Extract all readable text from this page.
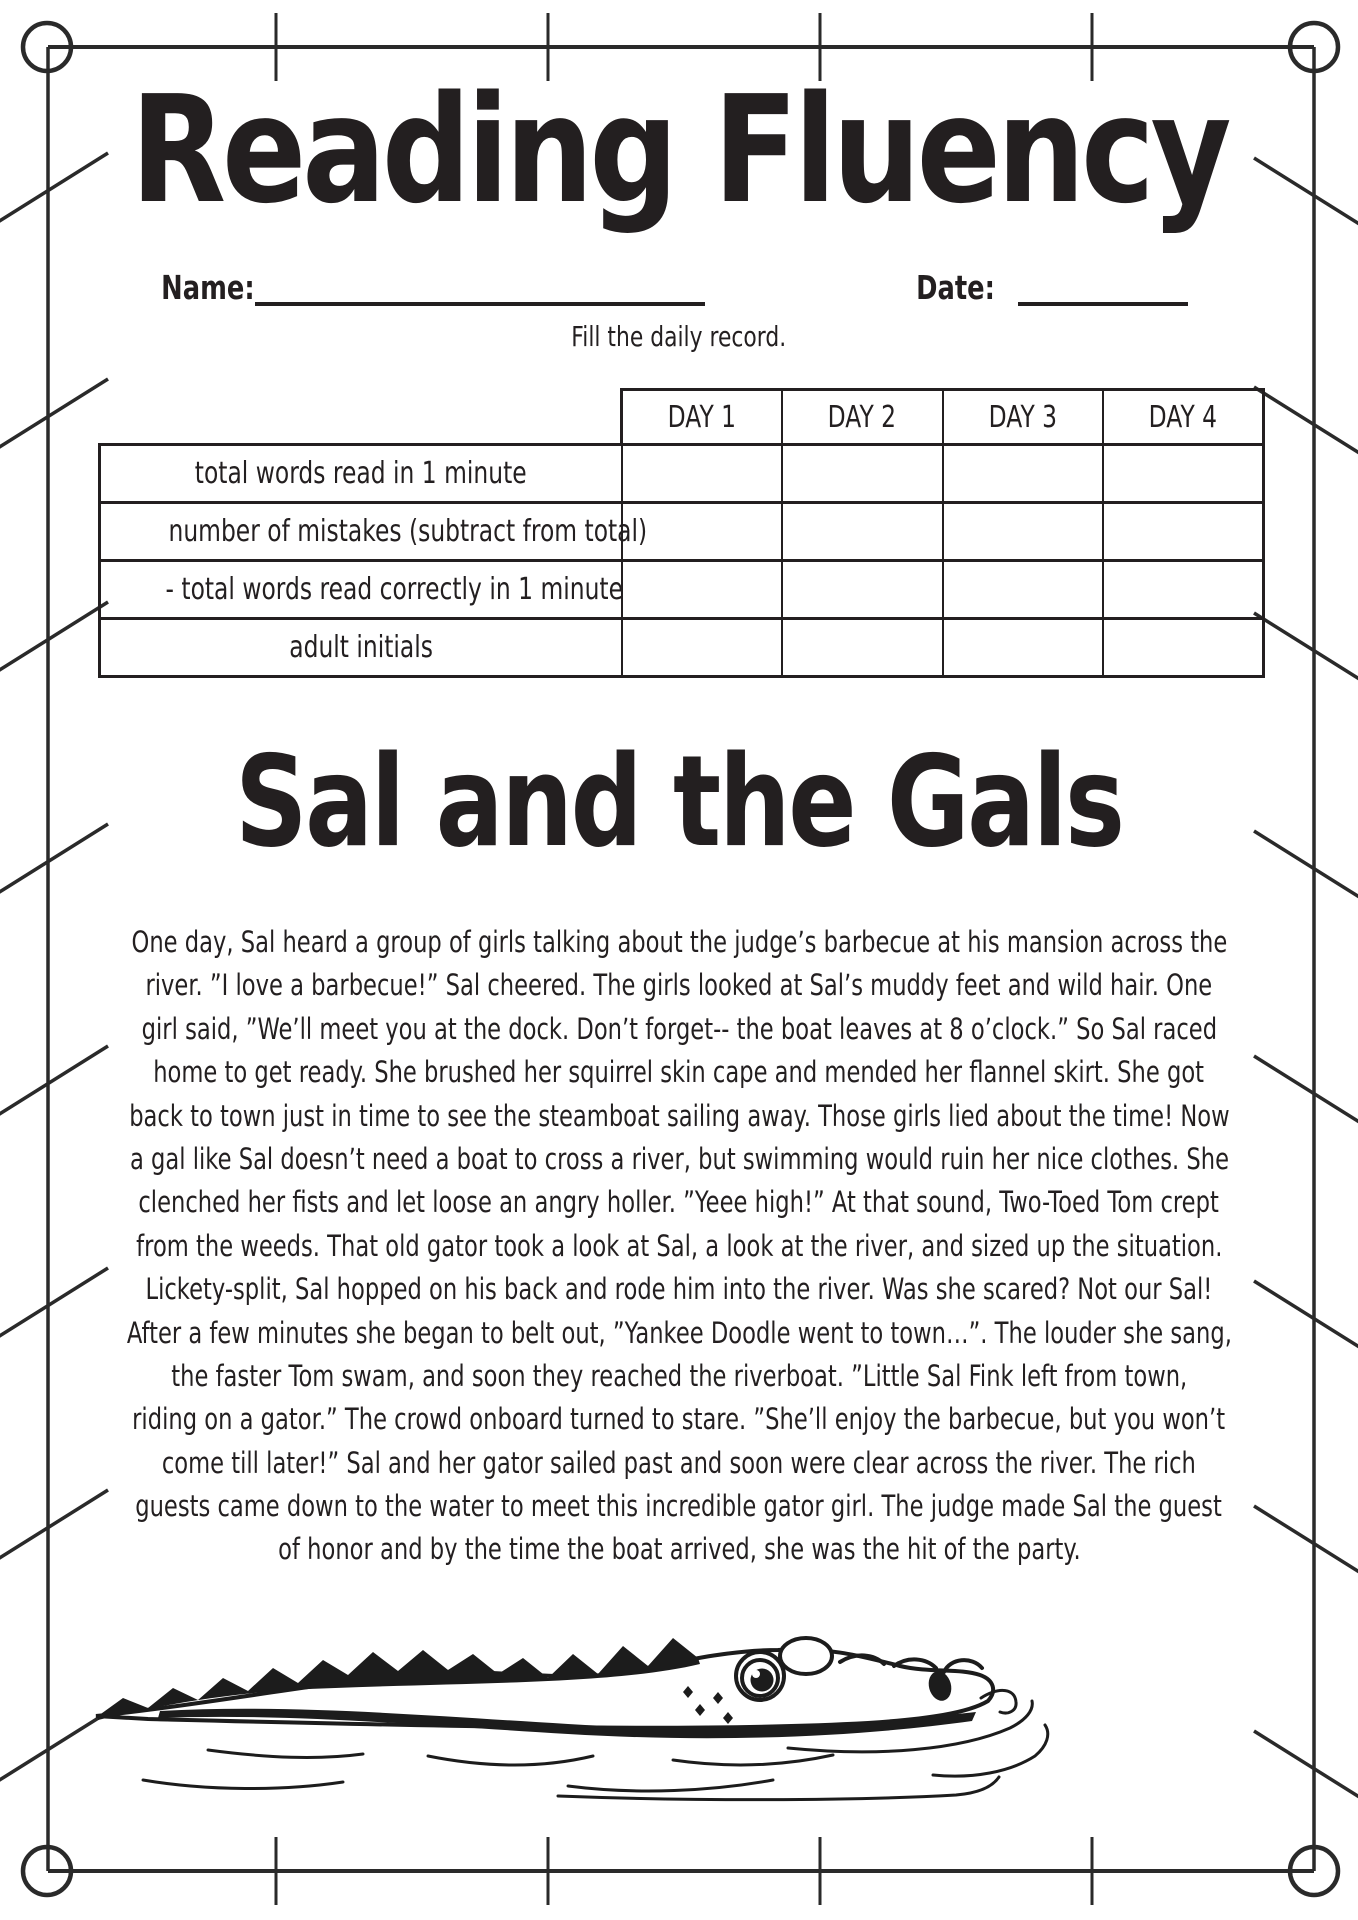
Reading Fluency
Name:	Date:
Fill the daily record.
	DAY 1	DAY 2	DAY 3	DAY 4
total words read in 1 minute				
number of mistakes (subtract from total)				
- total words read correctly in 1 minute				
adult initials				
Sal and the Gals
One day, Sal heard a group of girls talking about the judge’s barbecue at his mansion across the
river. ”I love a barbecue!” Sal cheered. The girls looked at Sal’s muddy feet and wild hair. One
girl said, ”We’ll meet you at the dock. Don’t forget-- the boat leaves at 8 o’clock.” So Sal raced
home to get ready. She brushed her squirrel skin cape and mended her flannel skirt. She got
back to town just in time to see the steamboat sailing away. Those girls lied about the time! Now
a gal like Sal doesn’t need a boat to cross a river, but swimming would ruin her nice clothes. She
clenched her fists and let loose an angry holler. ”Yeee high!” At that sound, Two-Toed Tom crept
from the weeds. That old gator took a look at Sal, a look at the river, and sized up the situation.
Lickety-split, Sal hopped on his back and rode him into the river. Was she scared? Not our Sal!
After a few minutes she began to belt out, ”Yankee Doodle went to town…”. The louder she sang,
the faster Tom swam, and soon they reached the riverboat. ”Little Sal Fink left from town,
riding on a gator.” The crowd onboard turned to stare. ”She’ll enjoy the barbecue, but you won’t
come till later!” Sal and her gator sailed past and soon were clear across the river. The rich
guests came down to the water to meet this incredible gator girl. The judge made Sal the guest
of honor and by the time the boat arrived, she was the hit of the party.
